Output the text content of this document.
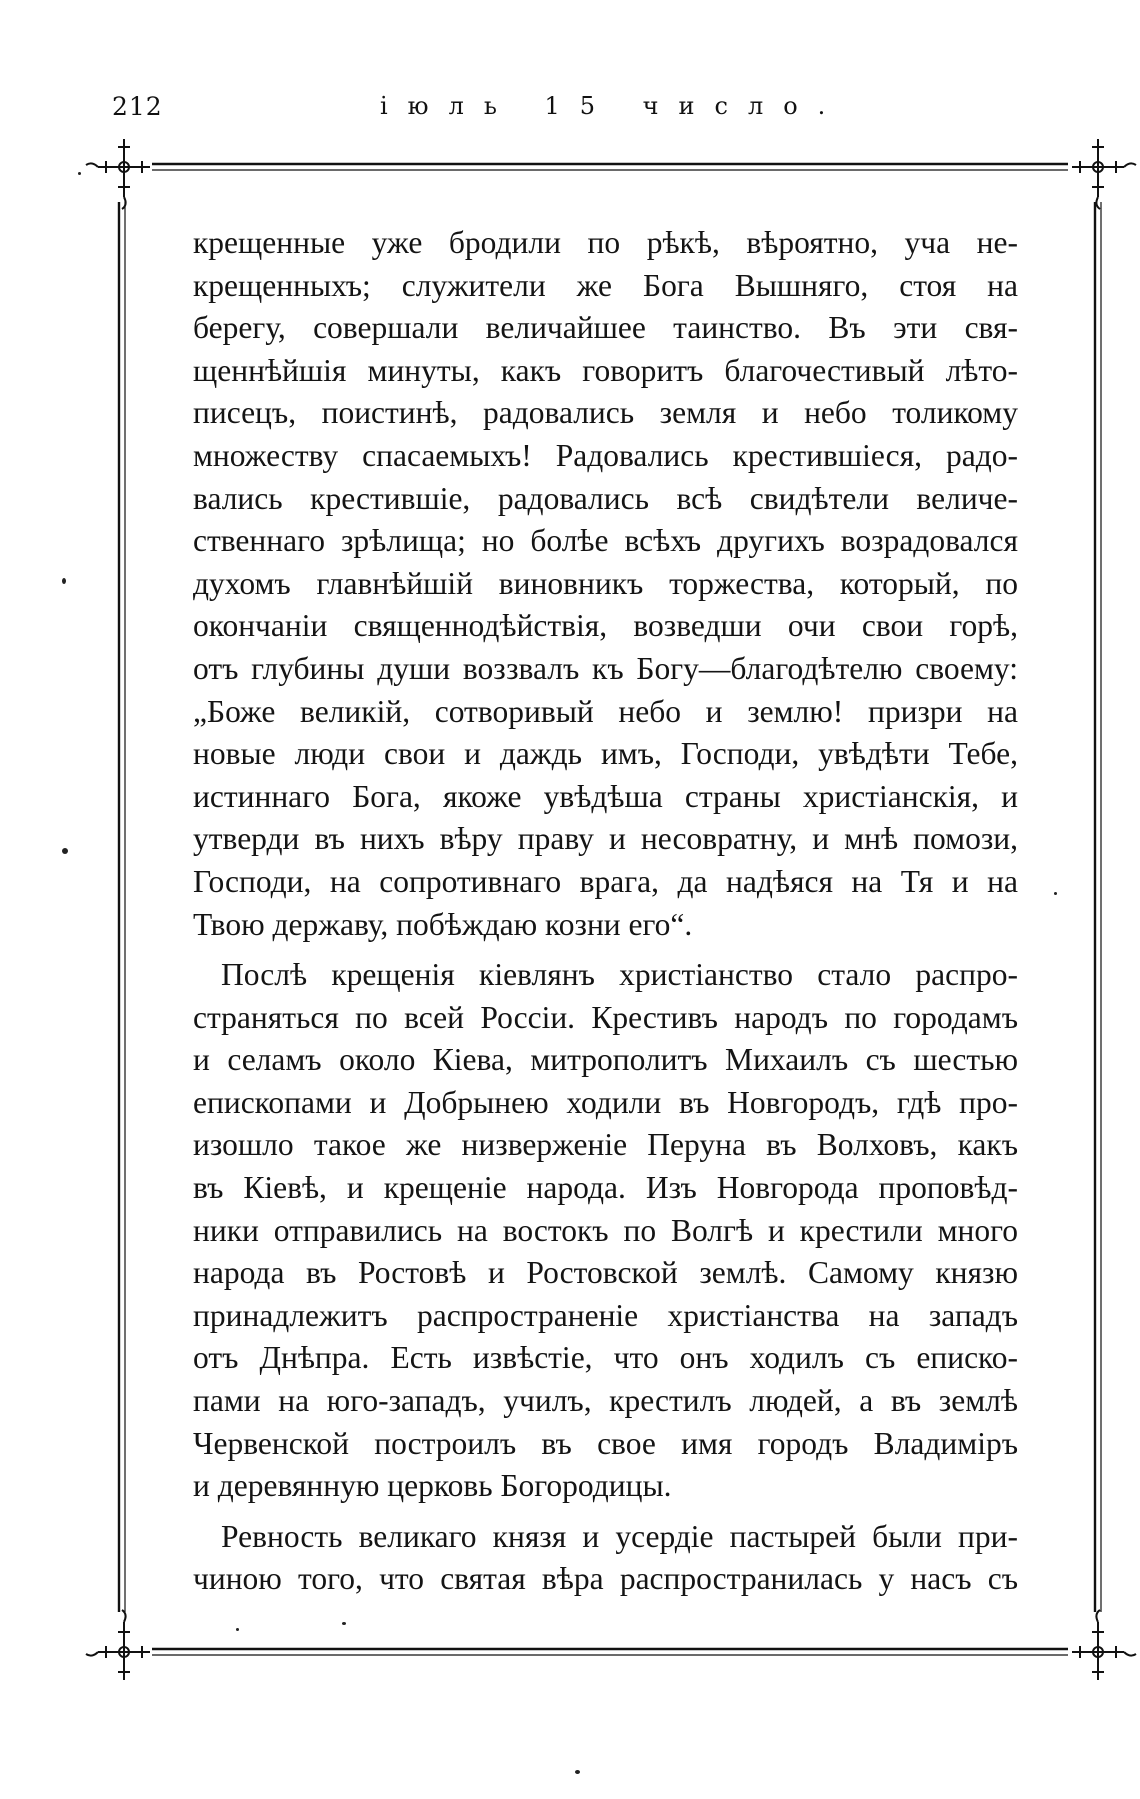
212	іюль 15 число.
крещенные уже бродили по рѣкѣ, вѣроятно, уча не-
крещенныхъ; служители же Бога Вышняго, стоя на
берегу, совершали величайшее таинство. Въ эти свя-
щеннѣйшія минуты, какъ говоритъ благочестивый лѣто-
писецъ, поистинѣ, радовались земля и небо толикому
множеству спасаемыхъ! Радовались крестившіеся, радо-
вались крестившіе, радовались всѣ свидѣтели величе-
ственнаго зрѣлища; но болѣе всѣхъ другихъ возрадовался
духомъ главнѣйшій виновникъ торжества, который, по
окончаніи священнодѣйствія, возведши очи свои горѣ,
отъ глубины души воззвалъ къ Богу—благодѣтелю своему:
„Боже великій, сотворивый небо и землю! призри на
новые люди свои и даждь имъ, Господи, увѣдѣти Тебе,
истиннаго Бога, якоже увѣдѣша страны христіанскія, и
утверди въ нихъ вѣру праву и несовратну, и мнѣ помози,
Господи, на сопротивнаго врага, да надѣяся на Тя и на
Твою державу, побѣждаю козни его“.
Послѣ крещенія кіевлянъ христіанство стало распро-
страняться по всей Россіи. Крестивъ народъ по городамъ
и селамъ около Кіева, митрополитъ Михаилъ съ шестью
епископами и Добрынею ходили въ Новгородъ, гдѣ про-
изошло такое же низверженіе Перуна въ Волховъ, какъ
въ Кіевѣ, и крещеніе народа. Изъ Новгорода проповѣд-
ники отправились на востокъ по Волгѣ и крестили много
народа въ Ростовѣ и Ростовской землѣ. Самому князю
принадлежитъ распространеніе христіанства на западъ
отъ Днѣпра. Есть извѣстіе, что онъ ходилъ съ еписко-
пами на юго-западъ, училъ, крестилъ людей, а въ землѣ
Червенской построилъ въ свое имя городъ Владиміръ
и деревянную церковь Богородицы.
Ревность великаго князя и усердіе пастырей были при-
чиною того, что святая вѣра распространилась у насъ съ
